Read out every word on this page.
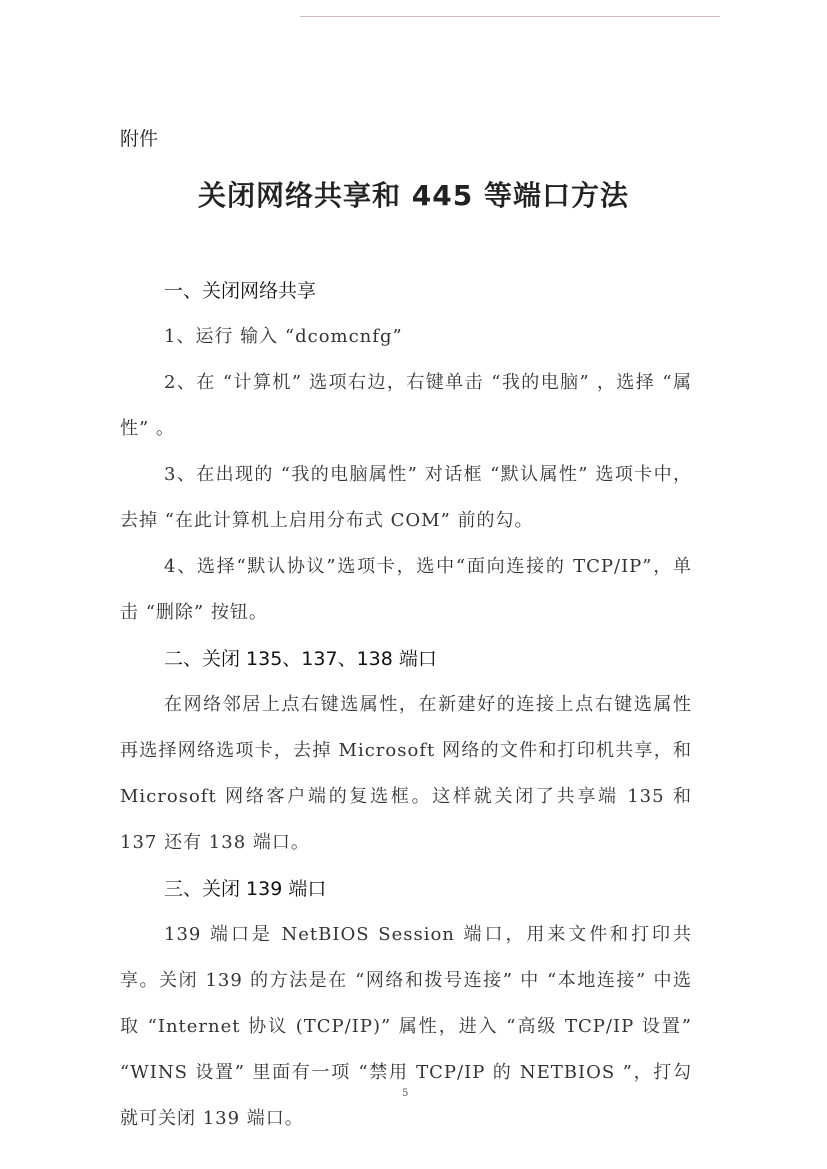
附件
关闭网络共享和 445 等端口方法

一、关闭网络共享

1、运行 输入 “dcomcnfg”

2、在 “计算机” 选项右边，右键单击 “我的电脑” ，选择 “属性” 。

3、在出现的 “我的电脑属性” 对话框 “默认属性” 选项卡中，去掉 “在此计算机上启用分布式 COM” 前的勾。

4、选择“默认协议”选项卡，选中“面向连接的 TCP/IP”，单击 “删除” 按钮。

二、关闭 135、137、138 端口

在网络邻居上点右键选属性，在新建好的连接上点右键选属性再选择网络选项卡，去掉 Microsoft 网络的文件和打印机共享，和 Microsoft 网络客户端的复选框。这样就关闭了共享端 135 和 137 还有 138 端口。

三、关闭 139 端口

139 端口是 NetBIOS Session 端口，用来文件和打印共享。关闭 139 的方法是在 “网络和拨号连接” 中 “本地连接” 中选取 “Internet 协议 (TCP/IP)” 属性，进入 “高级 TCP/IP 设置” “WINS 设置” 里面有一项 “禁用 TCP/IP 的 NETBIOS ”，打勾就可关闭 139 端口。

5
